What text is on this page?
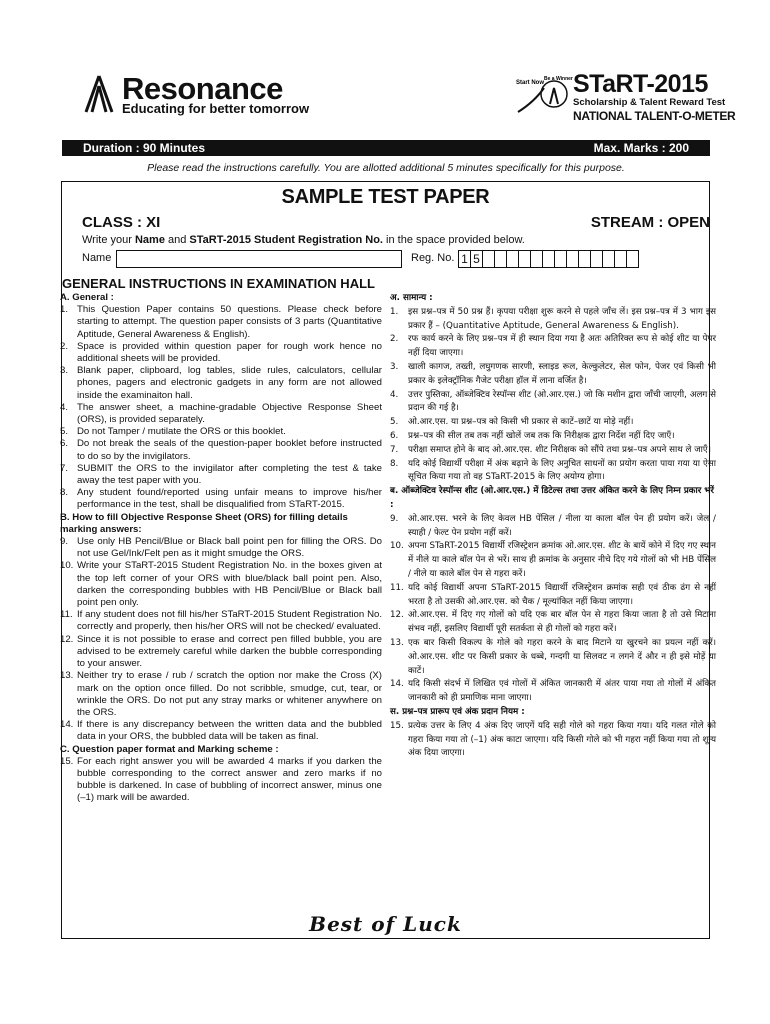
Resonance
Educating for better tomorrow
Start Now
Be a Winner STaRT-2015
Scholarship & Talent Reward Test
NATIONAL TALENT-O-METER
Duration : 90 Minutes	Max. Marks : 200
Please read the instructions carefully. You are allotted additional 5 minutes specifically for this purpose.
SAMPLE TEST PAPER
CLASS : XI	STREAM : OPEN
Write your Name and STaRT-2015 Student Registration No. in the space provided below.
Name	Reg. No. 1 5
GENERAL INSTRUCTIONS IN EXAMINATION HALL
A. General :
1. This Question Paper contains 50 questions. Please check before starting to attempt. The question paper consists of 3 parts (Quantitative Aptitude, General Awareness & English).
2. Space is provided within question paper for rough work hence no additional sheets will be provided.
3. Blank paper, clipboard, log tables, slide rules, calculators, cellular phones, pagers and electronic gadgets in any form are not allowed inside the examinaiton hall.
4. The answer sheet, a machine-gradable Objective Response Sheet (ORS), is provided separately.
5. Do not Tamper / mutilate the ORS or this booklet.
6. Do not break the seals of the question-paper booklet before instructed to do so by the invigilators.
7. SUBMIT the ORS to the invigilator after completing the test & take away the test paper with you.
8. Any student found/reported using unfair means to improve his/her performance in the test, shall be disqualified from STaRT-2015.
B. How to fill Objective Response Sheet (ORS) for filling details marking answers:
9. Use only HB Pencil/Blue or Black ball point pen for filling the ORS. Do not use Gel/Ink/Felt pen as it might smudge the ORS.
10. Write your STaRT-2015 Student Registration No. in the boxes given at the top left corner of your ORS with blue/black ball point pen. Also, darken the corresponding bubbles with HB Pencil/Blue or Black ball point pen only.
11. If any student does not fill his/her STaRT-2015 Student Registration No. correctly and properly, then his/her ORS will not be checked/ evaluated.
12. Since it is not possible to erase and correct pen filled bubble, you are advised to be extremely careful while darken the bubble corresponding to your answer.
13. Neither try to erase / rub / scratch the option nor make the Cross (X) mark on the option once filled. Do not scribble, smudge, cut, tear, or wrinkle the ORS. Do not put any stray marks or whitener anywhere on the ORS.
14. If there is any discrepancy between the written data and the bubbled data in your ORS, the bubbled data will be taken as final.
C. Question paper format and Marking scheme :
15. For each right answer you will be awarded 4 marks if you darken the bubble corresponding to the correct answer and zero marks if no bubble is darkened. In case of bubbling of incorrect answer, minus one (–1) mark will be awarded.
अ. सामान्य :
1. इस प्रश्न–पत्र में 50 प्रश्न हैं। कृपया परीक्षा शुरू करने से पहले जाँच लें। इस प्रश्न–पत्र में 3 भाग इस प्रकार हैं – (Quantitative Aptitude, General Awareness & English).
2. रफ कार्य करने के लिए प्रश्न–पत्र में ही स्थान दिया गया है अतः अतिरिक्त रूप से कोई शीट या पेपर नहीं दिया जाएगा।
3. खाली कागज, तख्ती, लघुगणक सारणी, स्लाइड रूल, केल्कुलेटर, सेल फोन, पेजर एवं किसी भी प्रकार के इलेक्ट्रॉनिक गैजेट परीक्षा हॉल में लाना वर्जित है।
4. उत्तर पुस्तिका, ऑब्जेक्टिव रेस्पॉन्स शीट (ओ.आर.एस.) जो कि मशीन द्वारा जाँची जाएगी, अलग से प्रदान की गई है।
5. ओ.आर.एस. या प्रश्न–पत्र को किसी भी प्रकार से काटें–छाटें या मोड़े नहीं।
6. प्रश्न–पत्र की सील तब तक नहीं खोलें जब तक कि निरीक्षक द्वारा निर्देश नहीं दिए जाएँ।
7. परीक्षा समाप्त होने के बाद ओ.आर.एस. शीट निरीक्षक को सौंपे तथा प्रश्न–पत्र अपने साथ ले जाएँ।
8. यदि कोई विद्यार्थी परीक्षा में अंक बढ़ाने के लिए अनुचित साधनों का प्रयोग करता पाया गया या ऐसा सूचित किया गया तो वह STaRT-2015 के लिए अयोग्य होगा।
ब. ऑब्जेक्टिव रेस्पॉन्स शीट (ओ.आर.एस.) में डिटेल्स तथा उत्तर अंकित करने के लिए निम्न प्रकार भरें :
9. ओ.आर.एस. भरने के लिए केवल HB पेंसिल / नीला या काला बॉल पेन ही प्रयोग करें। जेल / स्याही / फेल्ट पेन प्रयोग नहीं करें।
10. अपना STaRT-2015 विद्यार्थी रजिस्ट्रेशन क्रमांक ओ.आर.एस. शीट के बायें कोने में दिए गए स्थान में नीले या काले बॉल पेन से भरें। साथ ही क्रमांक के अनुसार नीचे दिए गये गोलों को भी HB पेंसिल / नीले या काले बॉल पेन से गहरा करें।
11. यदि कोई विद्यार्थी अपना STaRT-2015 विद्यार्थी रजिस्ट्रेशन क्रमांक सही एवं ठीक ढंग से नहीं भरता है तो उसकी ओ.आर.एस. को चैक / मूल्यांकित नहीं किया जाएगा।
12. ओ.आर.एस. में दिए गए गोलों को यदि एक बार बॉल पेन से गहरा किया जाता है तो उसे मिटाना संभव नहीं, इसलिए विद्यार्थी पूरी सतर्कता से ही गोलों को गहरा करें।
13. एक बार किसी विकल्प के गोले को गहरा करने के बाद मिटाने या खुरचने का प्रयत्न नहीं करें। ओ.आर.एस. शीट पर किसी प्रकार के धब्बे, गन्दगी या सिलवट न लगने दें और न ही इसे मोड़ें या काटें।
14. यदि किसी संदर्भ में लिखित एवं गोलों में अंकित जानकारी में अंतर पाया गया तो गोलों में अंकित जानकारी को ही प्रमाणिक माना जाएगा।
स. प्रश्न–पत्र प्रारूप एवं अंक प्रदान नियम :
15. प्रत्येक उत्तर के लिए 4 अंक दिए जाएगें यदि सही गोले को गहरा किया गया। यदि गलत गोले को गहरा किया गया तो (–1) अंक काटा जाएगा। यदि किसी गोले को भी गहरा नहीं किया गया तो शून्य अंक दिया जाएगा।
Best of Luck
